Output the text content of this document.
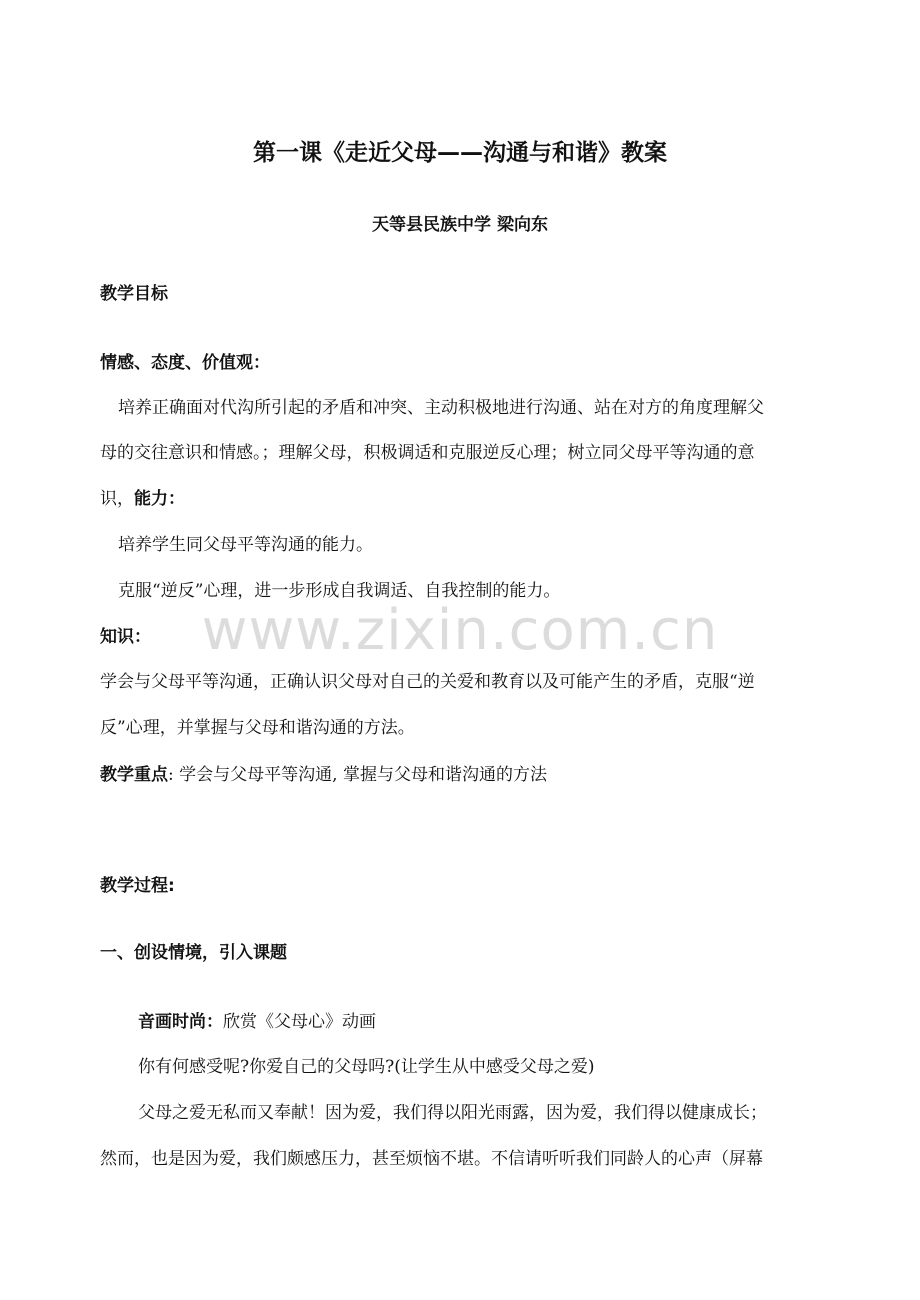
www.zixin.com.cn
第一课《走近父母——沟通与和谐》教案
天等县民族中学 梁向东
教学目标
情感、态度、价值观：
培养正确面对代沟所引起的矛盾和冲突、主动积极地进行沟通、站在对方的角度理解父
母的交往意识和情感。；理解父母，积极调适和克服逆反心理；树立同父母平等沟通的意
识，能力：
培养学生同父母平等沟通的能力。
克服“逆反”心理，进一步形成自我调适、自我控制的能力。
知识：
学会与父母平等沟通，正确认识父母对自己的关爱和教育以及可能产生的矛盾，克服“逆
反”心理，并掌握与父母和谐沟通的方法。
教学重点: 学会与父母平等沟通, 掌握与父母和谐沟通的方法
教学过程:
一、创设情境，引入课题
音画时尚：欣赏《父母心》动画
你有何感受呢?你爱自己的父母吗?(让学生从中感受父母之爱)
父母之爱无私而又奉献！因为爱，我们得以阳光雨露，因为爱，我们得以健康成长；
然而，也是因为爱，我们颇感压力，甚至烦恼不堪。不信请听听我们同龄人的心声（屏幕
